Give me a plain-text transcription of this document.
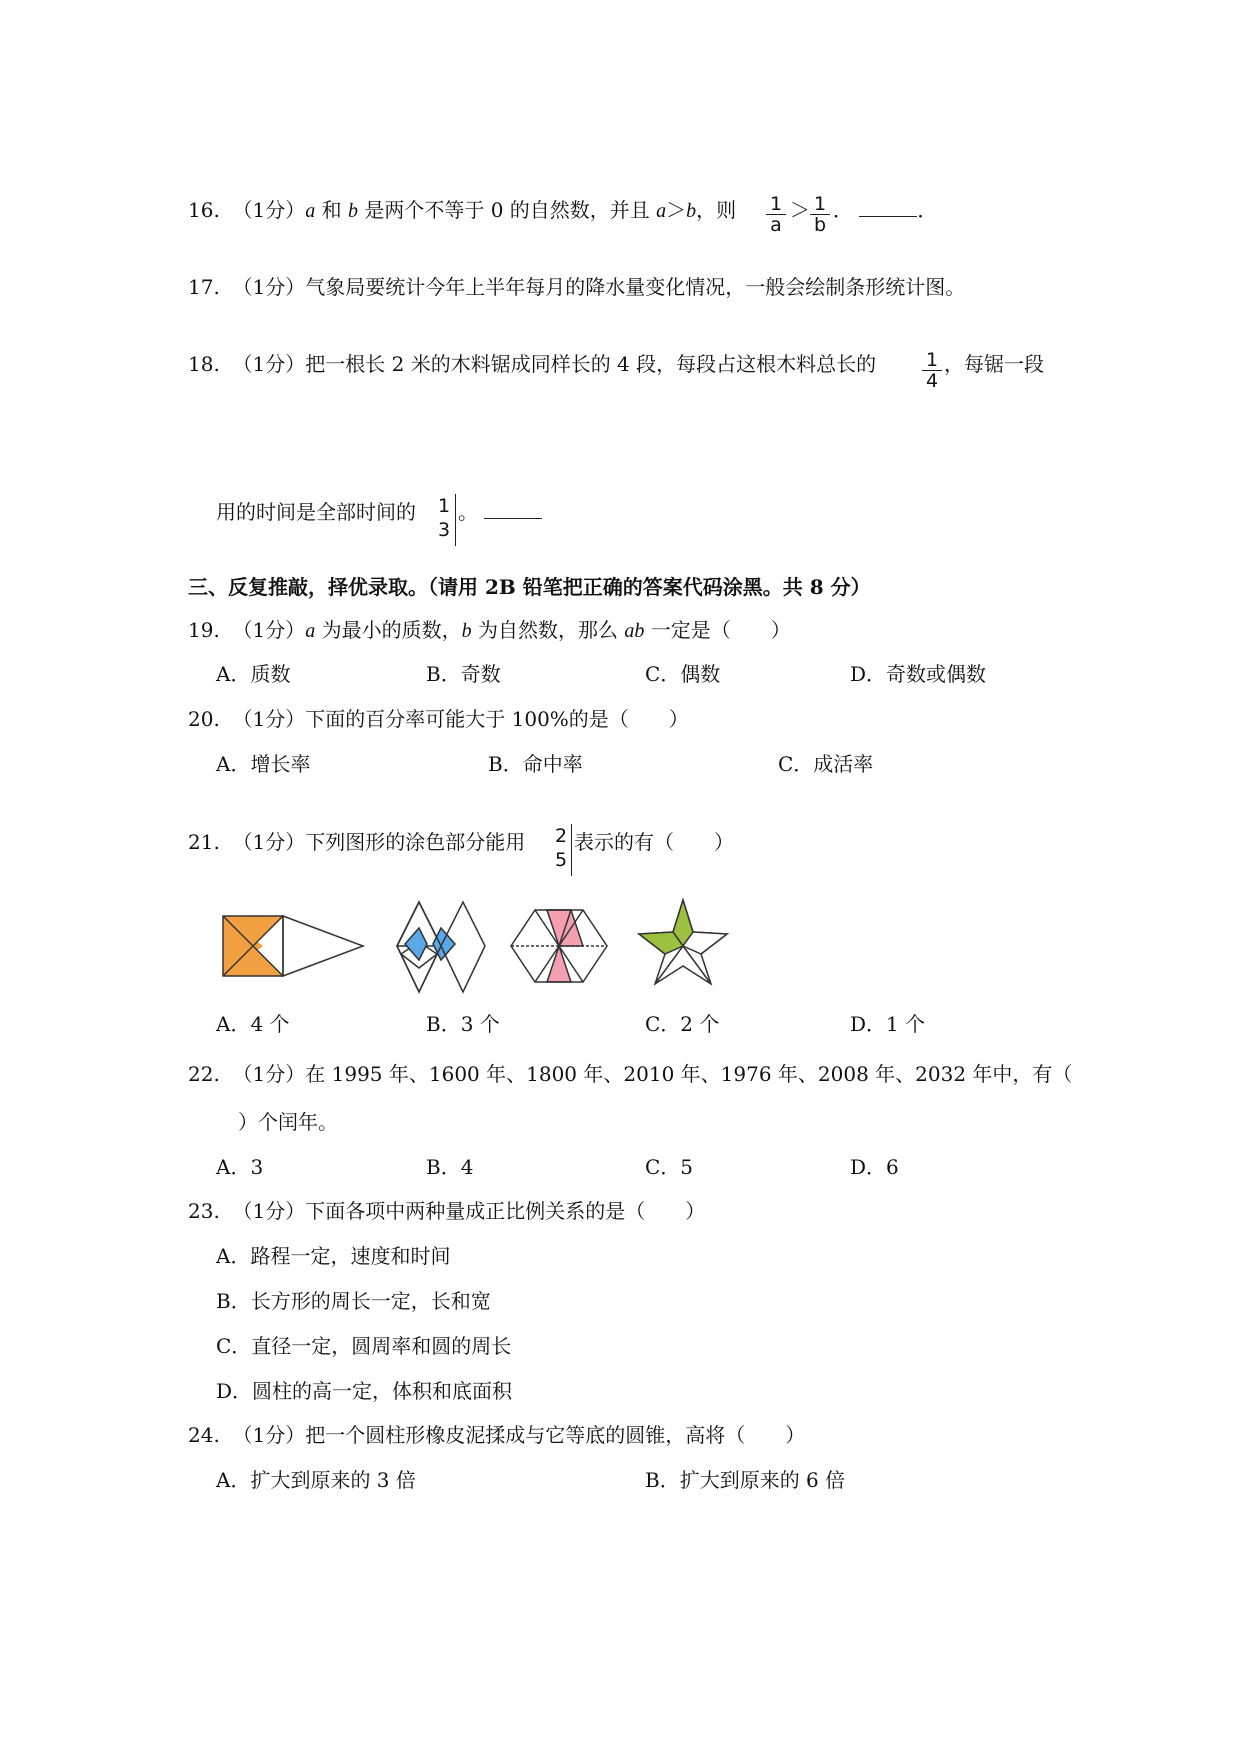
16. （1分）a 和 b 是两个不等于 0 的自然数，并且 a＞b，则 1
a
＞ 1
b
．	．
17. （1分）气象局要统计今年上半年每月的降水量变化情况，一般会绘制条形统计图。
18. （1分）把一根长 2 米的木料锯成同样长的 4 段，每段占这根木料总长的	1
4
，每锯一段
用的时间是全部时间的 1
3
。
三、反复推敲，择优录取。（请用 2B 铅笔把正确的答案代码涂黑。共 8 分）
19. （1分）a 为最小的质数，b 为自然数，那么 ab 一定是（　　）
A．质数	B．奇数	C．偶数	D．奇数或偶数
20. （1分）下面的百分率可能大于 100%的是（　　）
A．增长率	B．命中率	C．成活率
21. （1分）下列图形的涂色部分能用 2
5
表示的有（　　）
A．4 个	B．3 个	C．2 个	D．1 个
22. （1分）在 1995 年、1600 年、1800 年、2010 年、1976 年、2008 年、2032 年中，有（
）个闰年。
A．3	B．4	C．5	D．6
23. （1分）下面各项中两种量成正比例关系的是（　　）
A．路程一定，速度和时间
B．长方形的周长一定，长和宽
C．直径一定，圆周率和圆的周长
D．圆柱的高一定，体积和底面积
24. （1分）把一个圆柱形橡皮泥揉成与它等底的圆锥，高将（　　）
A．扩大到原来的 3 倍	B．扩大到原来的 6 倍
